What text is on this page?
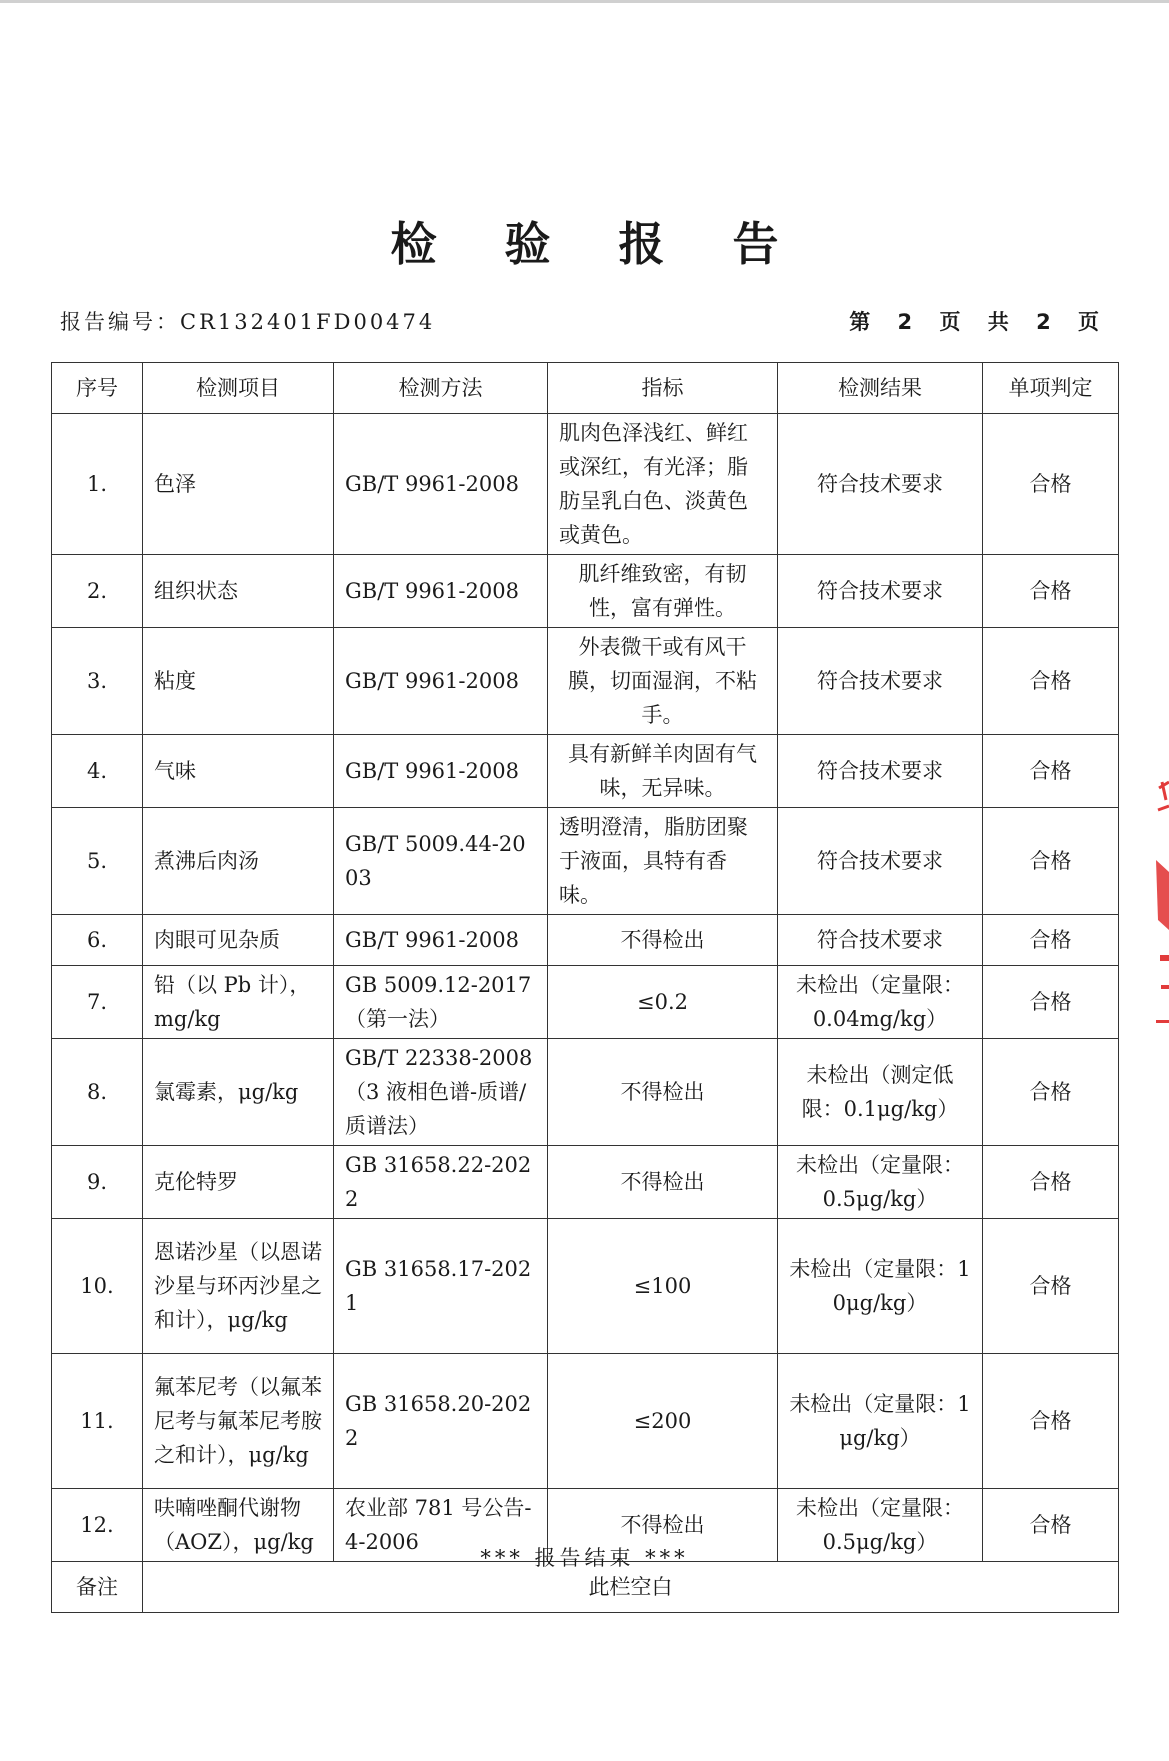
检 验 报 告
报告编号：CR132401FD00474	第 2 页 共 2 页
序号	检测项目	检测方法	指标	检测结果	单项判定
1.	色泽	GB/T 9961-2008	肌肉色泽浅红、鲜红或深红，有光泽；脂肪呈乳白色、淡黄色或黄色。	符合技术要求	合格
2.	组织状态	GB/T 9961-2008	肌纤维致密，有韧性，富有弹性。	符合技术要求	合格
3.	粘度	GB/T 9961-2008	外表微干或有风干膜，切面湿润，不粘手。	符合技术要求	合格
4.	气味	GB/T 9961-2008	具有新鲜羊肉固有气味，无异味。	符合技术要求	合格
5.	煮沸后肉汤	GB/T 5009.44-2003	透明澄清，脂肪团聚于液面，具特有香味。	符合技术要求	合格
6.	肉眼可见杂质	GB/T 9961-2008	不得检出	符合技术要求	合格
7.	铅（以 Pb 计），mg/kg	GB 5009.12-2017（第一法）	≤0.2	未检出（定量限：0.04mg/kg）	合格
8.	氯霉素，μg/kg	GB/T 22338-2008（3 液相色谱-质谱/质谱法）	不得检出	未检出（测定低限：0.1μg/kg）	合格
9.	克伦特罗	GB 31658.22-2022	不得检出	未检出（定量限：0.5μg/kg）	合格
10.	恩诺沙星（以恩诺沙星与环丙沙星之和计），μg/kg	GB 31658.17-2021	≤100	未检出（定量限：10μg/kg）	合格
11.	氟苯尼考（以氟苯尼考与氟苯尼考胺之和计），μg/kg	GB 31658.20-2022	≤200	未检出（定量限：1μg/kg）	合格
12.	呋喃唑酮代谢物（AOZ），μg/kg	农业部 781 号公告-4-2006	不得检出	未检出（定量限：0.5μg/kg）	合格
备注	此栏空白				
*** 报告结束 ***
